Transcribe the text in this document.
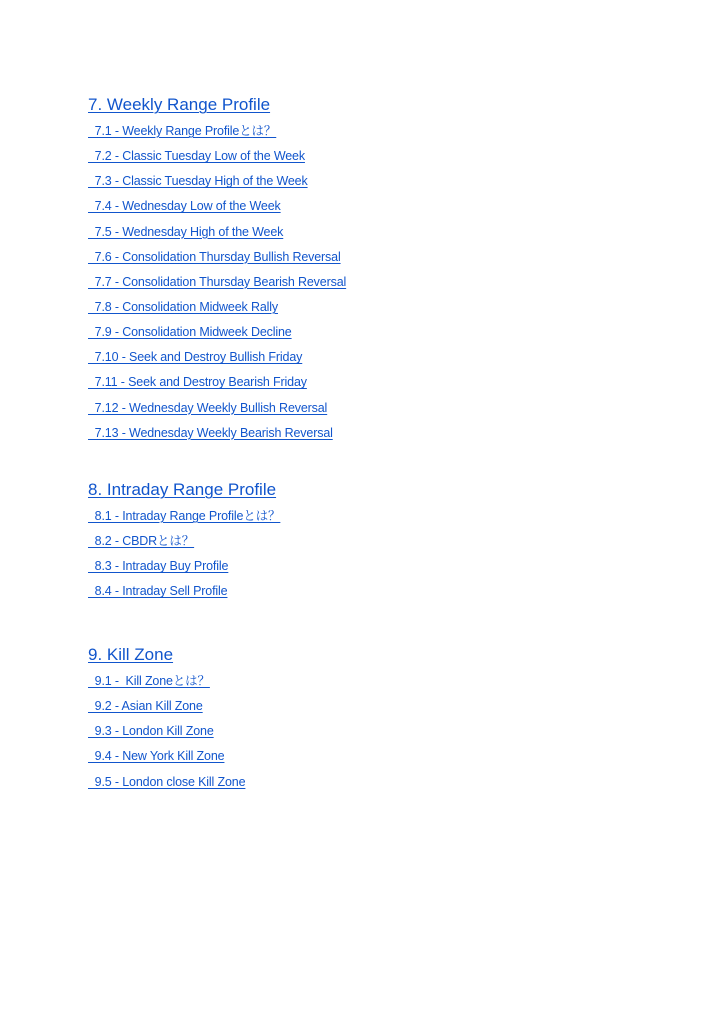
7. Weekly Range Profile
7.1 - Weekly Range Profileとは？
7.2 - Classic Tuesday Low of the Week
7.3 - Classic Tuesday High of the Week
7.4 - Wednesday Low of the Week
7.5 - Wednesday High of the Week
7.6 - Consolidation Thursday Bullish Reversal
7.7 - Consolidation Thursday Bearish Reversal
7.8 - Consolidation Midweek Rally
7.9 - Consolidation Midweek Decline
7.10 - Seek and Destroy Bullish Friday
7.11 - Seek and Destroy Bearish Friday
7.12 - Wednesday Weekly Bullish Reversal
7.13 - Wednesday Weekly Bearish Reversal
8. Intraday Range Profile
8.1 - Intraday Range Profileとは？
8.2 - CBDRとは？
8.3 - Intraday Buy Profile
8.4 - Intraday Sell Profile
9. Kill Zone
9.1 -  Kill Zoneとは？
9.2 - Asian Kill Zone
9.3 - London Kill Zone
9.4 - New York Kill Zone
9.5 - London close Kill Zone
